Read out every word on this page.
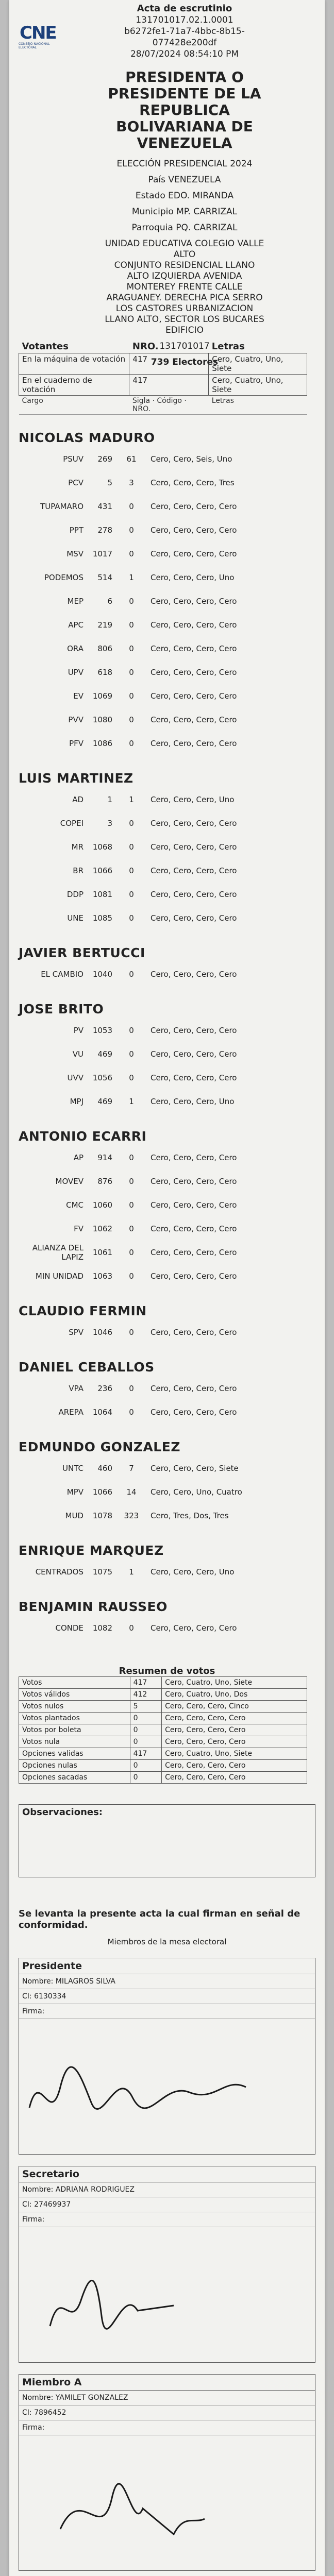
CNE
CONSEJO NACIONAL ELECTORAL
Acta de escrutinio
131701017.02.1.0001
b6272fe1-71a7-4bbc-8b15-
077428e200df
28/07/2024 08:54:10 PM
PRESIDENTA O
PRESIDENTE DE LA
REPUBLICA
BOLIVARIANA DE
VENEZUELA
ELECCIÓN PRESIDENCIAL 2024
País VENEZUELA
Estado EDO. MIRANDA
Municipio MP. CARRIZAL
Parroquia PQ. CARRIZAL
UNIDAD EDUCATIVA COLEGIO VALLE
ALTO
CONJUNTO RESIDENCIAL LLANO
ALTO IZQUIERDA AVENIDA
MONTEREY FRENTE CALLE
ARAGUANEY. DERECHA PICA SERRO
LOS CASTORES URBANIZACION
LLANO ALTO, SECTOR LOS BUCARES
EDIFICIO
131701017
739 Electores
Votantes	NRO.	Letras
En la máquina de votación	417	Cero, Cuatro, Uno, Siete
En el cuaderno de votación	417	Cero, Cuatro, Uno, Siete
Cargo	Sigla · Código · NRO.	Letras
NICOLAS MADURO
PSUV	269	61	Cero, Cero, Seis, Uno
PCV	5	3	Cero, Cero, Cero, Tres
TUPAMARO	431	0	Cero, Cero, Cero, Cero
PPT	278	0	Cero, Cero, Cero, Cero
MSV	1017	0	Cero, Cero, Cero, Cero
PODEMOS	514	1	Cero, Cero, Cero, Uno
MEP	6	0	Cero, Cero, Cero, Cero
APC	219	0	Cero, Cero, Cero, Cero
ORA	806	0	Cero, Cero, Cero, Cero
UPV	618	0	Cero, Cero, Cero, Cero
EV	1069	0	Cero, Cero, Cero, Cero
PVV	1080	0	Cero, Cero, Cero, Cero
PFV	1086	0	Cero, Cero, Cero, Cero
LUIS MARTINEZ
AD	1	1	Cero, Cero, Cero, Uno
COPEI	3	0	Cero, Cero, Cero, Cero
MR	1068	0	Cero, Cero, Cero, Cero
BR	1066	0	Cero, Cero, Cero, Cero
DDP	1081	0	Cero, Cero, Cero, Cero
UNE	1085	0	Cero, Cero, Cero, Cero
JAVIER BERTUCCI
EL CAMBIO	1040	0	Cero, Cero, Cero, Cero
JOSE BRITO
PV	1053	0	Cero, Cero, Cero, Cero
VU	469	0	Cero, Cero, Cero, Cero
UVV	1056	0	Cero, Cero, Cero, Cero
MPJ	469	1	Cero, Cero, Cero, Uno
ANTONIO ECARRI
AP	914	0	Cero, Cero, Cero, Cero
MOVEV	876	0	Cero, Cero, Cero, Cero
CMC	1060	0	Cero, Cero, Cero, Cero
FV	1062	0	Cero, Cero, Cero, Cero
ALIANZA DEL LAPIZ	1061	0	Cero, Cero, Cero, Cero
MIN UNIDAD	1063	0	Cero, Cero, Cero, Cero
CLAUDIO FERMIN
SPV	1046	0	Cero, Cero, Cero, Cero
DANIEL CEBALLOS
VPA	236	0	Cero, Cero, Cero, Cero
AREPA	1064	0	Cero, Cero, Cero, Cero
EDMUNDO GONZALEZ
UNTC	460	7	Cero, Cero, Cero, Siete
MPV	1066	14	Cero, Cero, Uno, Cuatro
MUD	1078	323	Cero, Tres, Dos, Tres
ENRIQUE MARQUEZ
CENTRADOS	1075	1	Cero, Cero, Cero, Uno
BENJAMIN RAUSSEO
CONDE	1082	0	Cero, Cero, Cero, Cero
Resumen de votos
Votos	417	Cero, Cuatro, Uno, Siete
Votos válidos	412	Cero, Cuatro, Uno, Dos
Votos nulos	5	Cero, Cero, Cero, Cinco
Votos plantados	0	Cero, Cero, Cero, Cero
Votos por boleta	0	Cero, Cero, Cero, Cero
Votos nula	0	Cero, Cero, Cero, Cero
Opciones validas	417	Cero, Cuatro, Uno, Siete
Opciones nulas	0	Cero, Cero, Cero, Cero
Opciones sacadas	0	Cero, Cero, Cero, Cero
Observaciones:
Se levanta la presente acta la cual firman en señal de conformidad.
Miembros de la mesa electoral
Presidente
Nombre: MILAGROS SILVA
CI: 6130334
Firma:
Secretario
Nombre: ADRIANA RODRIGUEZ
CI: 27469937
Firma:
Miembro A
Nombre: YAMILET GONZALEZ
CI: 7896452
Firma:
